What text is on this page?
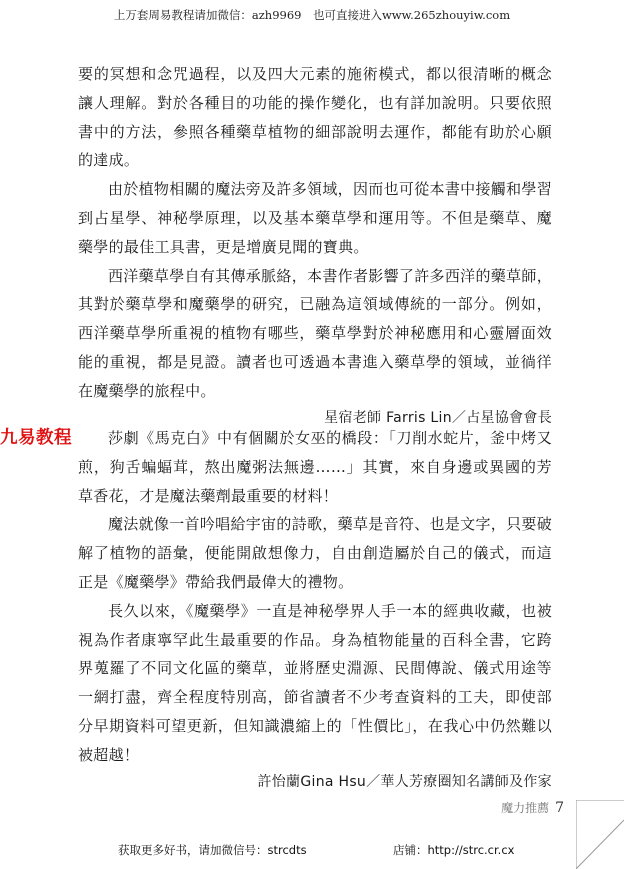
上万套周易教程请加微信：azh9969　也可直接进入www.265zhouyiw.com

要的冥想和念咒過程，以及四大元素的施術模式，都以很清晰的概念讓人理解。對於各種目的功能的操作變化，也有詳加說明。只要依照書中的方法，參照各種藥草植物的細部說明去運作，都能有助於心願的達成。

由於植物相關的魔法旁及許多領域，因而也可從本書中接觸和學習到占星學、神秘學原理，以及基本藥草學和運用等。不但是藥草、魔藥學的最佳工具書，更是增廣見聞的寶典。

西洋藥草學自有其傳承脈絡，本書作者影響了許多西洋的藥草師，其對於藥草學和魔藥學的研究，已融為這領域傳統的一部分。例如，西洋藥草學所重視的植物有哪些，藥草學對於神秘應用和心靈層面效能的重視，都是見證。讀者也可透過本書進入藥草學的領域，並徜徉在魔藥學的旅程中。

星宿老師 Farris Lin／占星協會會長

九易教程	莎劇《馬克白》中有個關於女巫的橋段：「刀削水蛇片，釜中烤又煎，狗舌蝙蝠茸，熬出魔粥法無邊……」其實，來自身邊或異國的芳草香花，才是魔法藥劑最重要的材料！

魔法就像一首吟唱給宇宙的詩歌，藥草是音符、也是文字，只要破解了植物的語彙，便能開啟想像力，自由創造屬於自己的儀式，而這正是《魔藥學》帶給我們最偉大的禮物。

長久以來，《魔藥學》一直是神秘學界人手一本的經典收藏，也被視為作者康寧罕此生最重要的作品。身為植物能量的百科全書，它跨界蒐羅了不同文化區的藥草，並將歷史淵源、民間傳說、儀式用途等一網打盡，齊全程度特別高，節省讀者不少考查資料的工夫，即使部分早期資料可望更新，但知識濃縮上的「性價比」，在我心中仍然難以被超越！

許怡蘭Gina Hsu／華人芳療圈知名講師及作家

魔力推薦 7
获取更多好书，请加微信号：strcdts	店铺：http://strc.cr.cx
